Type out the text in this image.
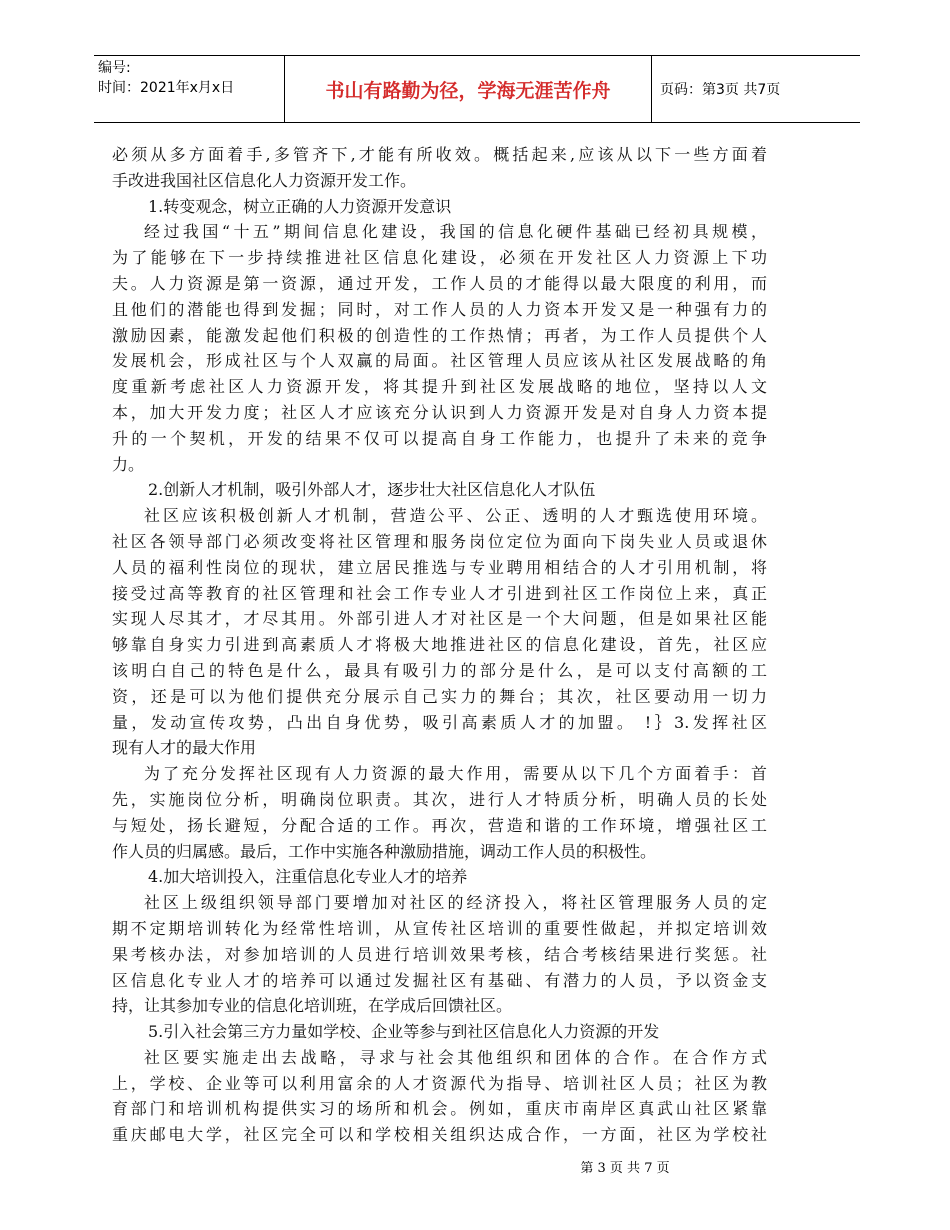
编号:
时间：2021年x月x日	书山有路勤为径，学海无涯苦作舟	页码：第3页 共7页
必须从多方面着手,多管齐下,才能有所收效。概括起来,应该从以下一些方面着
手改进我国社区信息化人力资源开发工作。
1.转变观念，树立正确的人力资源开发意识
经过我国“十五”期间信息化建设，我国的信息化硬件基础已经初具规模，
为了能够在下一步持续推进社区信息化建设，必须在开发社区人力资源上下功
夫。人力资源是第一资源，通过开发，工作人员的才能得以最大限度的利用，而
且他们的潜能也得到发掘；同时，对工作人员的人力资本开发又是一种强有力的
激励因素，能激发起他们积极的创造性的工作热情；再者，为工作人员提供个人
发展机会，形成社区与个人双赢的局面。社区管理人员应该从社区发展战略的角
度重新考虑社区人力资源开发，将其提升到社区发展战略的地位，坚持以人文
本，加大开发力度；社区人才应该充分认识到人力资源开发是对自身人力资本提
升的一个契机，开发的结果不仅可以提高自身工作能力，也提升了未来的竞争
力。
2.创新人才机制，吸引外部人才，逐步壮大社区信息化人才队伍
社区应该积极创新人才机制，营造公平、公正、透明的人才甄选使用环境。
社区各领导部门必须改变将社区管理和服务岗位定位为面向下岗失业人员或退休
人员的福利性岗位的现状，建立居民推选与专业聘用相结合的人才引用机制，将
接受过高等教育的社区管理和社会工作专业人才引进到社区工作岗位上来，真正
实现人尽其才，才尽其用。外部引进人才对社区是一个大问题，但是如果社区能
够靠自身实力引进到高素质人才将极大地推进社区的信息化建设，首先，社区应
该明白自己的特色是什么，最具有吸引力的部分是什么，是可以支付高额的工
资，还是可以为他们提供充分展示自己实力的舞台；其次，社区要动用一切力
量，发动宣传攻势，凸出自身优势，吸引高素质人才的加盟。 !｝3.发挥社区
现有人才的最大作用
为了充分发挥社区现有人力资源的最大作用，需要从以下几个方面着手：首
先，实施岗位分析，明确岗位职责。其次，进行人才特质分析，明确人员的长处
与短处，扬长避短，分配合适的工作。再次，营造和谐的工作环境，增强社区工
作人员的归属感。最后，工作中实施各种激励措施，调动工作人员的积极性。
4.加大培训投入，注重信息化专业人才的培养
社区上级组织领导部门要增加对社区的经济投入，将社区管理服务人员的定
期不定期培训转化为经常性培训，从宣传社区培训的重要性做起，并拟定培训效
果考核办法，对参加培训的人员进行培训效果考核，结合考核结果进行奖惩。社
区信息化专业人才的培养可以通过发掘社区有基础、有潜力的人员，予以资金支
持，让其参加专业的信息化培训班，在学成后回馈社区。
5.引入社会第三方力量如学校、企业等参与到社区信息化人力资源的开发
社区要实施走出去战略，寻求与社会其他组织和团体的合作。在合作方式
上，学校、企业等可以利用富余的人才资源代为指导、培训社区人员；社区为教
育部门和培训机构提供实习的场所和机会。例如，重庆市南岸区真武山社区紧靠
重庆邮电大学，社区完全可以和学校相关组织达成合作，一方面，社区为学校社
第 3 页 共 7 页
